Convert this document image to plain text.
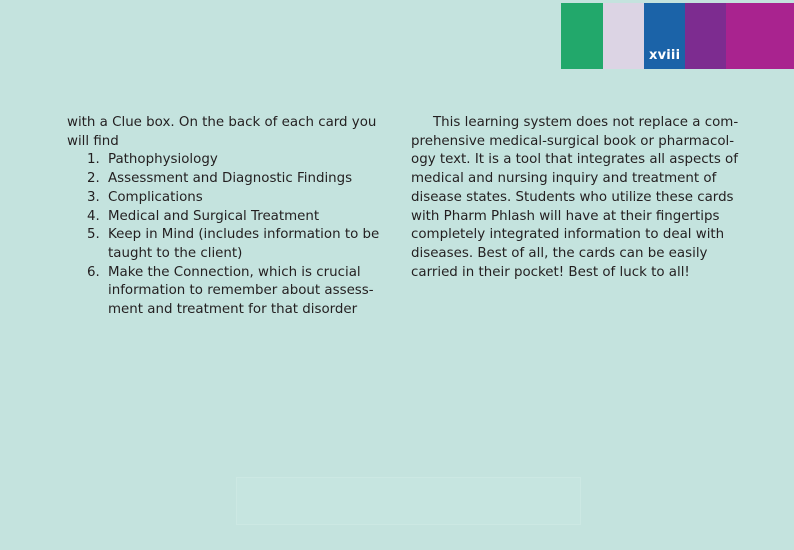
xviii

with a Clue box. On the back of each card you will find

1. Pathophysiology
2. Assessment and Diagnostic Findings
3. Complications
4. Medical and Surgical Treatment
5. Keep in Mind (includes information to be taught to the client)
6. Make the Connection, which is crucial information to remember about assess-ment and treatment for that disorder

This learning system does not replace a com-prehensive medical-surgical book or pharmacol-ogy text. It is a tool that integrates all aspects of medical and nursing inquiry and treatment of disease states. Students who utilize these cards with Pharm Phlash will have at their fingertips completely integrated information to deal with diseases. Best of all, the cards can be easily carried in their pocket! Best of luck to all!
